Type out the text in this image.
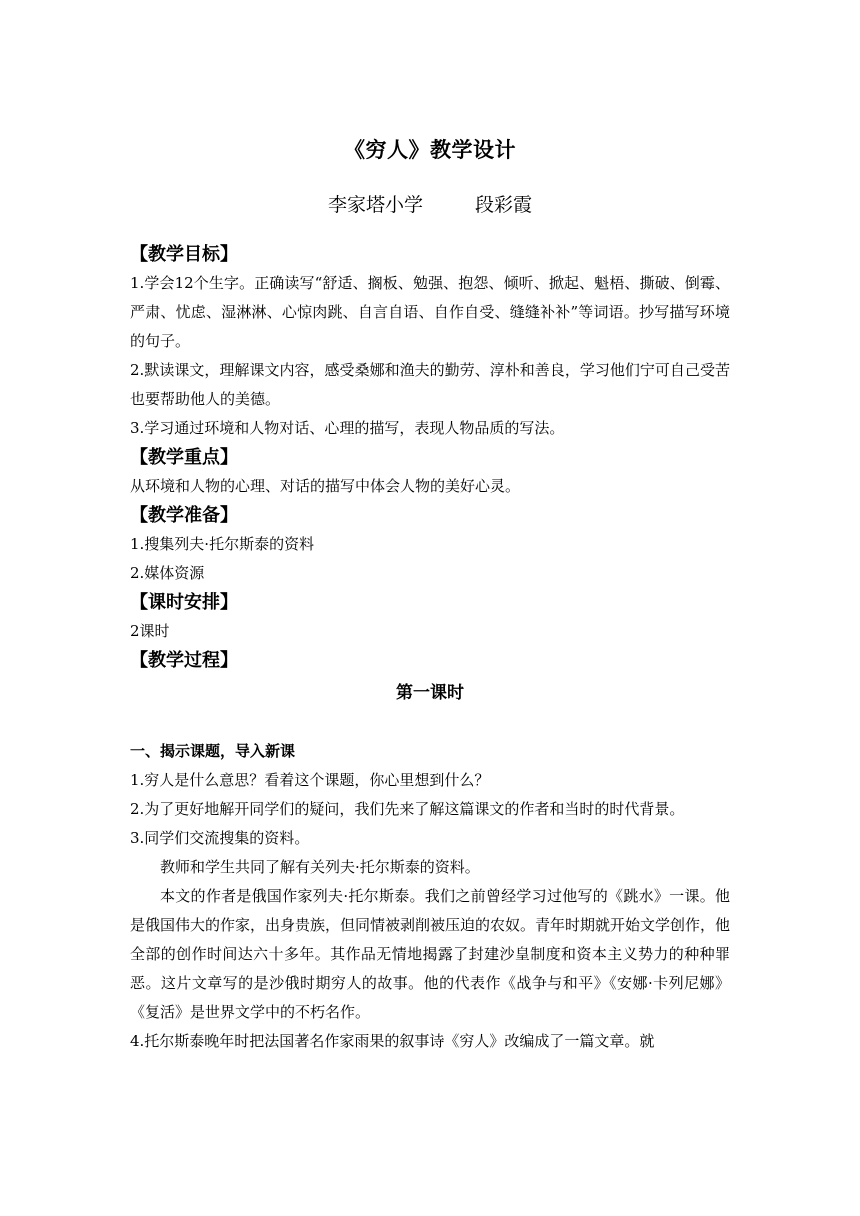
《穷人》教学设计
李家塔小学	段彩霞
【教学目标】
1.学会12个生字。正确读写“舒适、搁板、勉强、抱怨、倾听、掀起、魁梧、撕破、倒霉、严肃、忧虑、湿淋淋、心惊肉跳、自言自语、自作自受、缝缝补补”等词语。抄写描写环境的句子。
2.默读课文，理解课文内容，感受桑娜和渔夫的勤劳、淳朴和善良，学习他们宁可自己受苦也要帮助他人的美德。
3.学习通过环境和人物对话、心理的描写，表现人物品质的写法。
【教学重点】
从环境和人物的心理、对话的描写中体会人物的美好心灵。
【教学准备】
1.搜集列夫·托尔斯泰的资料
2.媒体资源
【课时安排】
2课时
【教学过程】
第一课时
一、揭示课题，导入新课
1.穷人是什么意思？看着这个课题，你心里想到什么？
2.为了更好地解开同学们的疑问，我们先来了解这篇课文的作者和当时的时代背景。
3.同学们交流搜集的资料。
教师和学生共同了解有关列夫·托尔斯泰的资料。
本文的作者是俄国作家列夫·托尔斯泰。我们之前曾经学习过他写的《跳水》一课。他是俄国伟大的作家，出身贵族，但同情被剥削被压迫的农奴。青年时期就开始文学创作，他全部的创作时间达六十多年。其作品无情地揭露了封建沙皇制度和资本主义势力的种种罪恶。这片文章写的是沙俄时期穷人的故事。他的代表作《战争与和平》《安娜·卡列尼娜》《复活》是世界文学中的不朽名作。
4.托尔斯泰晚年时把法国著名作家雨果的叙事诗《穷人》改编成了一篇文章。就
